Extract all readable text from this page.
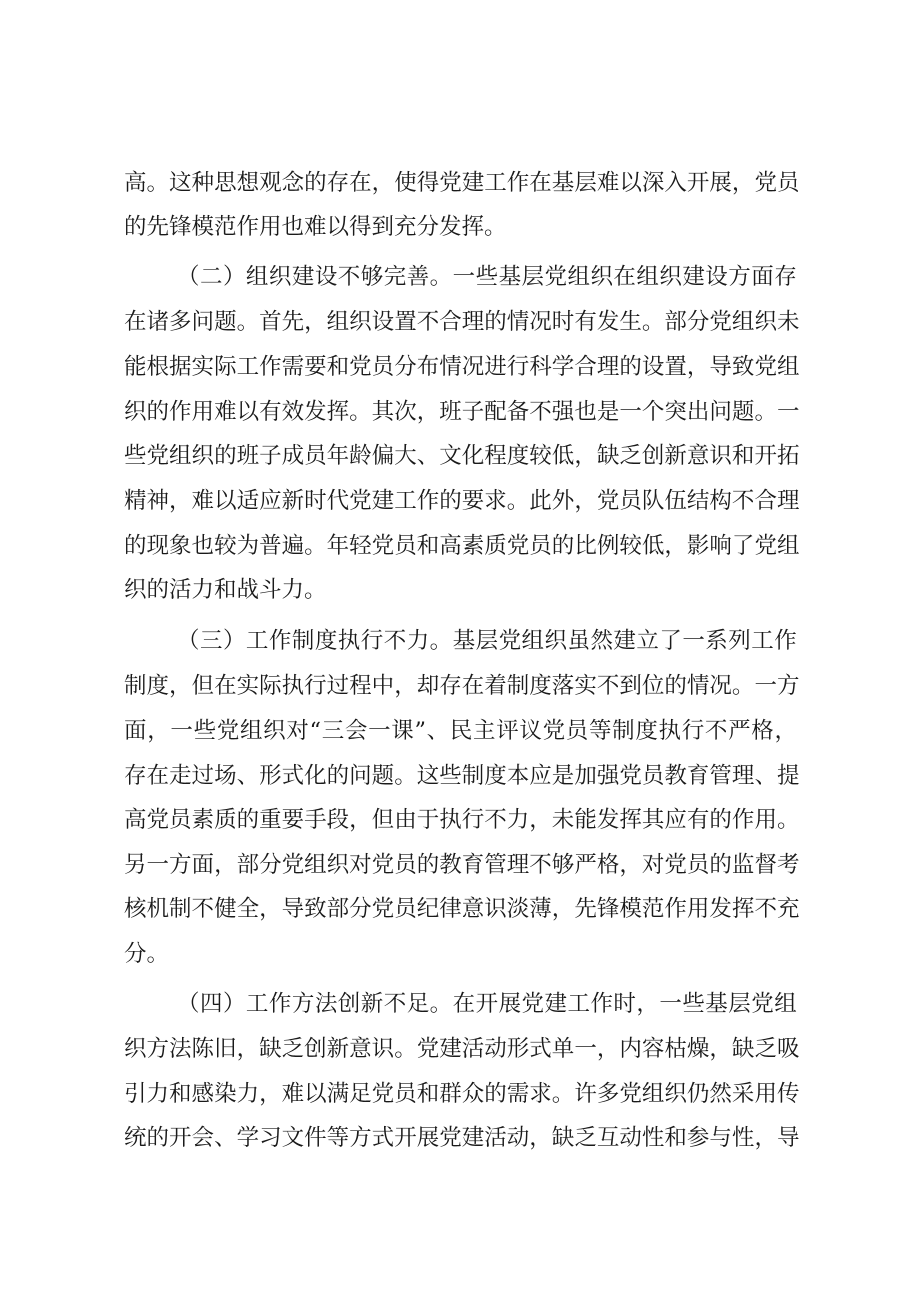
高 。 这 种 思 想 观 念 的 存 在 ， 使 得 党 建 工 作 在 基 层 难 以 深 入 开 展 ， 党 员
的先锋模范作用也难以得到充分发挥。
（ 二 ） 组 织 建 设 不 够 完 善 。 一 些 基 层 党 组 织 在 组 织 建 设 方 面 存
在 诸 多 问 题 。 首 先 ， 组 织 设 置 不 合 理 的 情 况 时 有 发 生 。 部 分 党 组 织 未
能 根 据 实 际 工 作 需 要 和 党 员 分 布 情 况 进 行 科 学 合 理 的 设 置 ， 导 致 党 组
织 的 作 用 难 以 有 效 发 挥 。 其 次 ， 班 子 配 备 不 强 也 是 一 个 突 出 问 题 。 一
些 党 组 织 的 班 子 成 员 年 龄 偏 大 、 文 化 程 度 较 低 ， 缺 乏 创 新 意 识 和 开 拓
精 神 ， 难 以 适 应 新 时 代 党 建 工 作 的 要 求 。 此 外 ， 党 员 队 伍 结 构 不 合 理
的 现 象 也 较 为 普 遍 。 年 轻 党 员 和 高 素 质 党 员 的 比 例 较 低 ， 影 响 了 党 组
织的活力和战斗力。
（ 三 ） 工 作 制 度 执 行 不 力 。 基 层 党 组 织 虽 然 建 立 了 一 系 列 工 作
制 度 ， 但 在 实 际 执 行 过 程 中 ， 却 存 在 着 制 度 落 实 不 到 位 的 情 况 。 一 方
面 ， 一 些 党 组 织 对 “ 三 会 一 课 ” 、 民 主 评 议 党 员 等 制 度 执 行 不 严 格 ，
存 在 走 过 场 、 形 式 化 的 问 题 。 这 些 制 度 本 应 是 加 强 党 员 教 育 管 理 、 提
高 党 员 素 质 的 重 要 手 段 ， 但 由 于 执 行 不 力 ， 未 能 发 挥 其 应 有 的 作 用 。
另 一 方 面 ， 部 分 党 组 织 对 党 员 的 教 育 管 理 不 够 严 格 ， 对 党 员 的 监 督 考
核 机 制 不 健 全 ， 导 致 部 分 党 员 纪 律 意 识 淡 薄 ， 先 锋 模 范 作 用 发 挥 不 充
分。
（ 四 ） 工 作 方 法 创 新 不 足 。 在 开 展 党 建 工 作 时 ， 一 些 基 层 党 组
织 方 法 陈 旧 ， 缺 乏 创 新 意 识 。 党 建 活 动 形 式 单 一 ， 内 容 枯 燥 ， 缺 乏 吸
引 力 和 感 染 力 ， 难 以 满 足 党 员 和 群 众 的 需 求 。 许 多 党 组 织 仍 然 采 用 传
统 的 开 会 、 学 习 文 件 等 方 式 开 展 党 建 活 动 ， 缺 乏 互 动 性 和 参 与 性 ， 导
